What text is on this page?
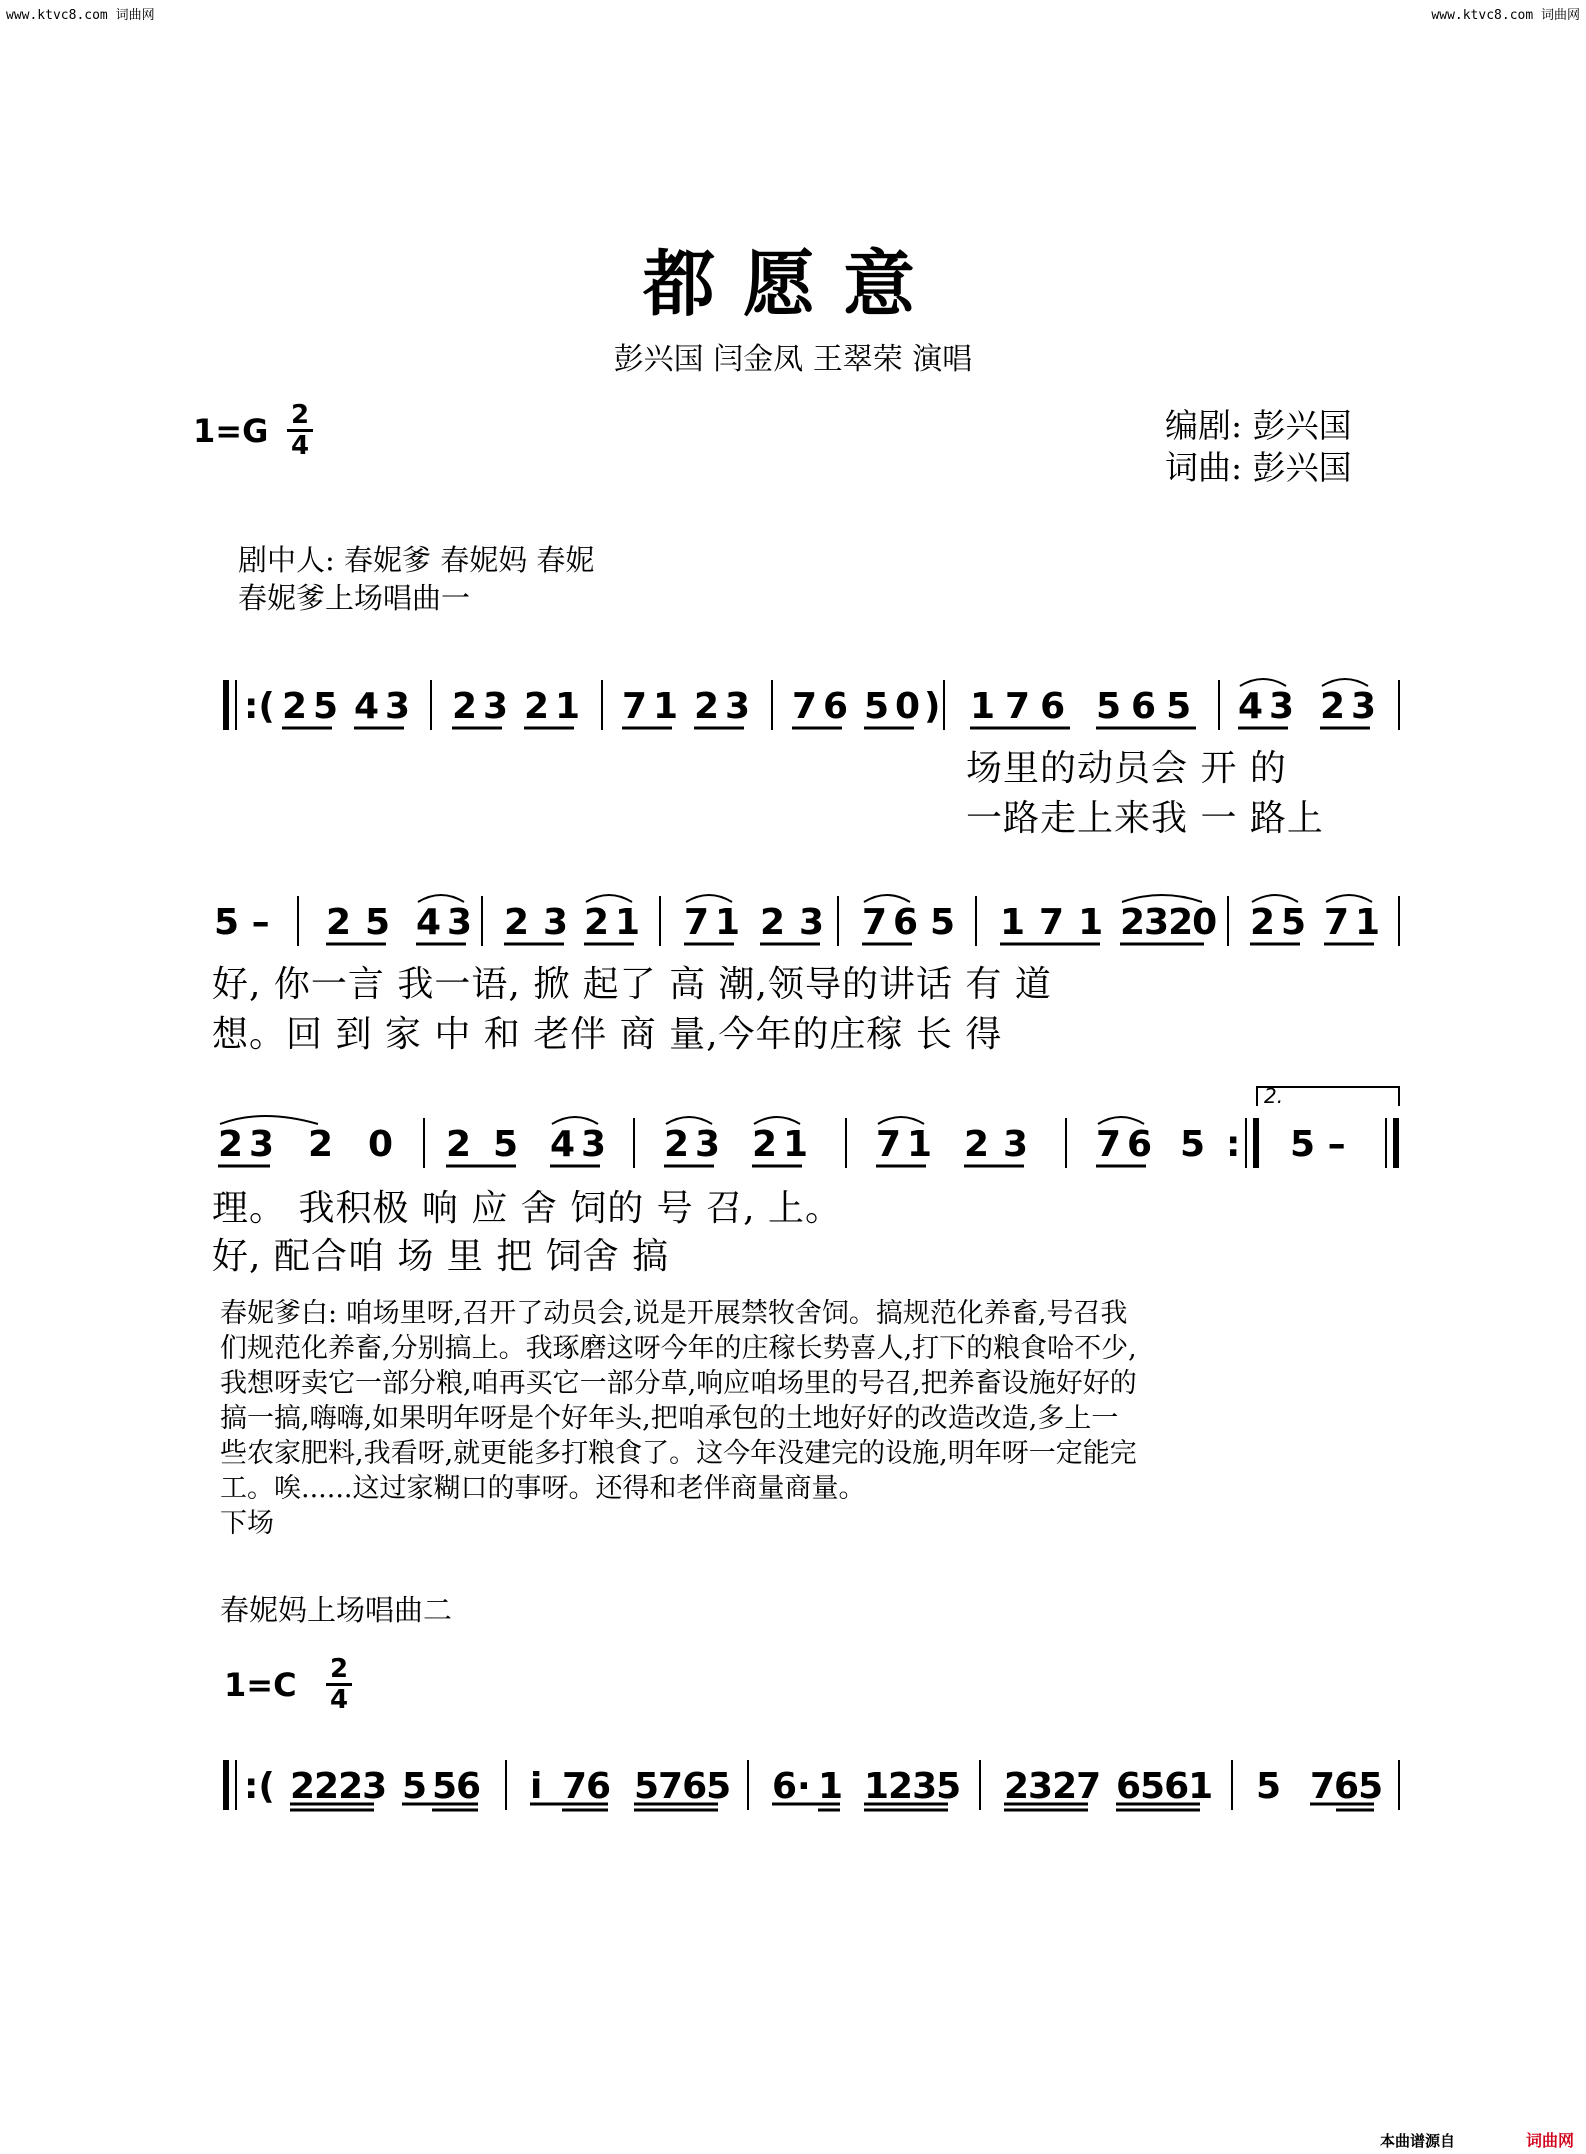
www.ktvc8.com 词曲网	www.ktvc8.com 词曲网
都愿意
彭兴国 闫金凤 王翠荣 演唱
1=G 2
4
编剧: 彭兴国
词曲: 彭兴国
剧中人: 春妮爹 春妮妈 春妮
春妮爹上场唱曲一
:( 25 43 23 21 71 23 76 50
) 176 565 43 23
场里的动员会 开 的
一路走上来我 一 路上
5 – 25 43 23 21 71 23 76 5 171 2320 25 71
好, 你一言 我一语, 掀 起了 高 潮,领导的讲话 有 道
想。回 到 家 中 和 老伴 商 量,今年的庄稼 长 得
23 2 0 25 43 23 21 71 23 76 5 : 5 –
2.
理。 我积极 响 应 舍 饲的 号 召, 上。
好, 配合咱 场 里 把 饲舍 搞
春妮爹白: 咱场里呀,召开了动员会,说是开展禁牧舍饲。搞规范化养畜,号召我
们规范化养畜,分别搞上。我琢磨这呀今年的庄稼长势喜人,打下的粮食哈不少,
我想呀卖它一部分粮,咱再买它一部分草,响应咱场里的号召,把养畜设施好好的
搞一搞,嗨嗨,如果明年呀是个好年头,把咱承包的土地好好的改造改造,多上一
些农家肥料,我看呀,就更能多打粮食了。这今年没建完的设施,明年呀一定能完
工。唉......这过家糊口的事呀。还得和老伴商量商量。
下场
春妮妈上场唱曲二
1=C 2
4
:( 2223 5
56 i 76 5765 6· 1 1235 2327 6561 5 765
本曲谱源自	词曲网
